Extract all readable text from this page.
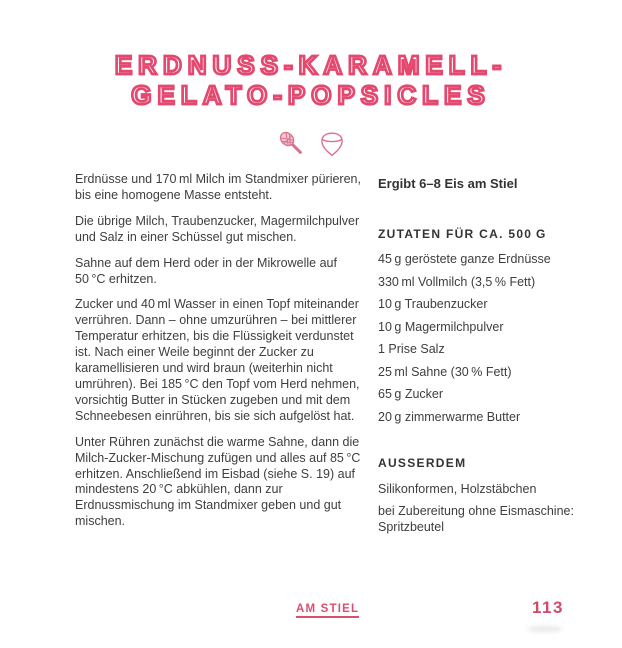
ERDNUSS-KARAMELL-
GELATO-POPSICLES

Erdnüsse und 170 ml Milch im Standmixer pürieren, bis eine homogene Masse entsteht.

Die übrige Milch, Traubenzucker, Magermilchpulver und Salz in einer Schüssel gut mischen.

Sahne auf dem Herd oder in der Mikrowelle auf 50 °C erhitzen.

Zucker und 40 ml Wasser in einen Topf miteinander verrühren. Dann – ohne umzurühren – bei mittlerer Temperatur erhitzen, bis die Flüssigkeit verdunstet ist. Nach einer Weile beginnt der Zucker zu karamellisieren und wird braun (weiterhin nicht umrühren). Bei 185 °C den Topf vom Herd nehmen, vorsichtig Butter in Stücken zugeben und mit dem Schneebesen einrühren, bis sie sich aufgelöst hat.

Unter Rühren zunächst die warme Sahne, dann die Milch-Zucker-Mischung zufügen und alles auf 85 °C erhitzen. Anschließend im Eisbad (siehe S. 19) auf mindestens 20 °C abkühlen, dann zur Erdnussmischung im Standmixer geben und gut mischen.

Ergibt 6–8 Eis am Stiel

ZUTATEN FÜR CA. 500 G
45 g geröstete ganze Erdnüsse
330 ml Vollmilch (3,5 % Fett)
10 g Traubenzucker
10 g Magermilchpulver
1 Prise Salz
25 ml Sahne (30 % Fett)
65 g Zucker
20 g zimmerwarme Butter
AUSSERDEM
Silikonformen, Holzstäbchen
bei Zubereitung ohne Eismaschine: Spritzbeutel
AM STIEL	113
